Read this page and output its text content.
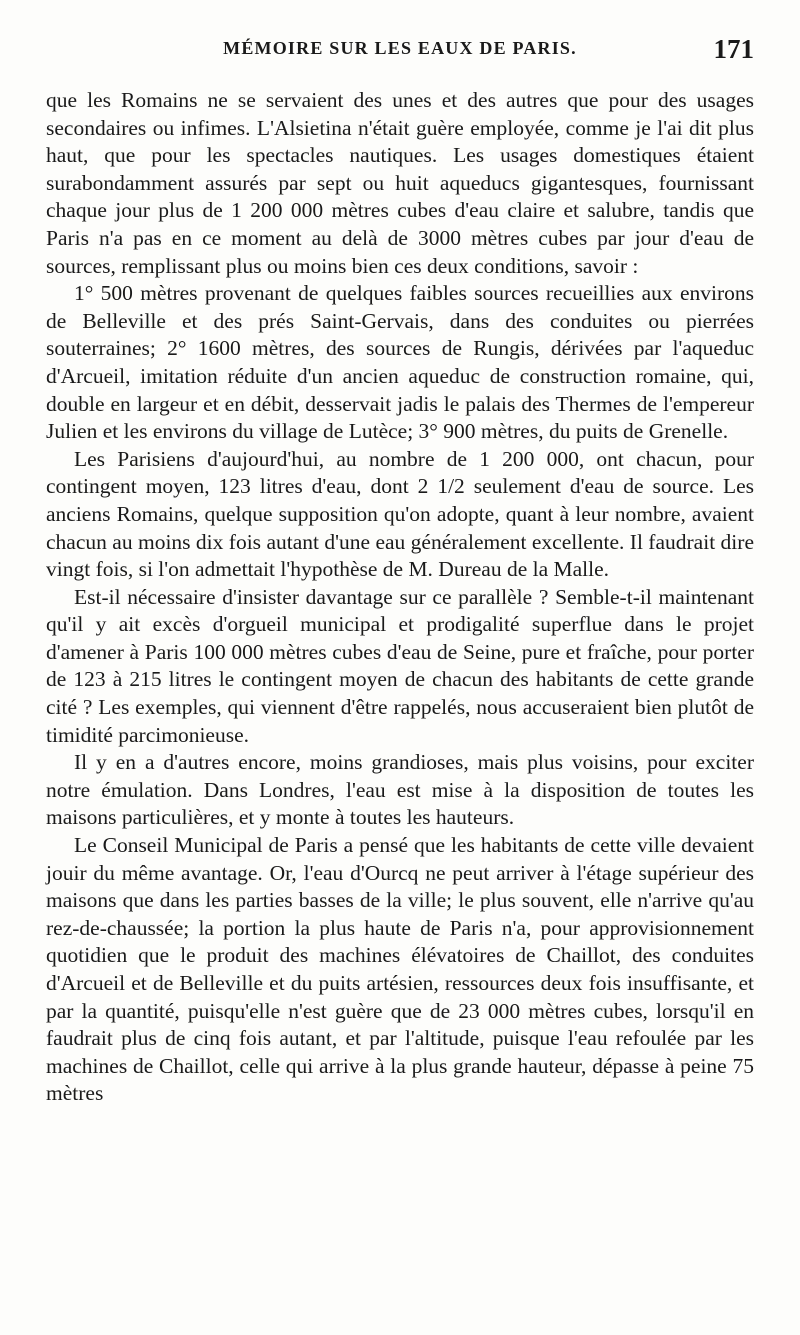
MÉMOIRE SUR LES EAUX DE PARIS.	171

que les Romains ne se servaient des unes et des autres que pour des usages secondaires ou infimes. L'Alsietina n'était guère employée, comme je l'ai dit plus haut, que pour les spectacles nautiques. Les usages domestiques étaient surabondamment assurés par sept ou huit aqueducs gigantesques, fournissant chaque jour plus de 1 200 000 mètres cubes d'eau claire et salubre, tandis que Paris n'a pas en ce moment au delà de 3000 mètres cubes par jour d'eau de sources, remplissant plus ou moins bien ces deux conditions, savoir :

1° 500 mètres provenant de quelques faibles sources recueillies aux environs de Belleville et des prés Saint-Gervais, dans des conduites ou pierrées souterraines; 2° 1600 mètres, des sources de Rungis, dérivées par l'aqueduc d'Arcueil, imitation réduite d'un ancien aqueduc de construction romaine, qui, double en largeur et en débit, desservait jadis le palais des Thermes de l'empereur Julien et les environs du village de Lutèce; 3° 900 mètres, du puits de Grenelle.

Les Parisiens d'aujourd'hui, au nombre de 1 200 000, ont chacun, pour contingent moyen, 123 litres d'eau, dont 2 1/2 seulement d'eau de source. Les anciens Romains, quelque supposition qu'on adopte, quant à leur nombre, avaient chacun au moins dix fois autant d'une eau généralement excellente. Il faudrait dire vingt fois, si l'on admettait l'hypothèse de M. Dureau de la Malle.

Est-il nécessaire d'insister davantage sur ce parallèle ? Semble-t-il maintenant qu'il y ait excès d'orgueil municipal et prodigalité superflue dans le projet d'amener à Paris 100 000 mètres cubes d'eau de Seine, pure et fraîche, pour porter de 123 à 215 litres le contingent moyen de chacun des habitants de cette grande cité ? Les exemples, qui viennent d'être rappelés, nous accuseraient bien plutôt de timidité parcimonieuse.

Il y en a d'autres encore, moins grandioses, mais plus voisins, pour exciter notre émulation. Dans Londres, l'eau est mise à la disposition de toutes les maisons particulières, et y monte à toutes les hauteurs.

Le Conseil Municipal de Paris a pensé que les habitants de cette ville devaient jouir du même avantage. Or, l'eau d'Ourcq ne peut arriver à l'étage supérieur des maisons que dans les parties basses de la ville; le plus souvent, elle n'arrive qu'au rez-de-chaussée; la portion la plus haute de Paris n'a, pour approvisionnement quotidien que le produit des machines élévatoires de Chaillot, des conduites d'Arcueil et de Belleville et du puits artésien, ressources deux fois insuffisante, et par la quantité, puisqu'elle n'est guère que de 23 000 mètres cubes, lorsqu'il en faudrait plus de cinq fois autant, et par l'altitude, puisque l'eau refoulée par les machines de Chaillot, celle qui arrive à la plus grande hauteur, dépasse à peine 75 mètres
